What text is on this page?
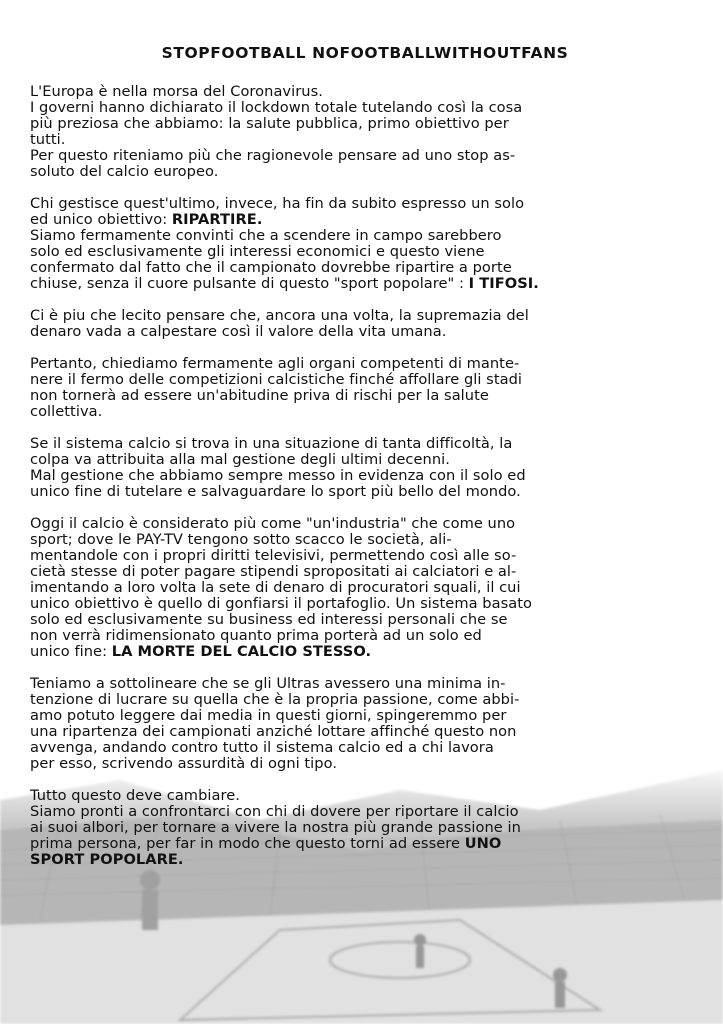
STOPFOOTBALL NOFOOTBALLWITHOUTFANS
L'Europa è nella morsa del Coronavirus.
I governi hanno dichiarato il lockdown totale tutelando così la cosa
più preziosa che abbiamo: la salute pubblica, primo obiettivo per
tutti.
Per questo riteniamo più che ragionevole pensare ad uno stop as-
soluto del calcio europeo.
Chi gestisce quest'ultimo, invece, ha fin da subito espresso un solo
ed unico obiettivo: RIPARTIRE.
Siamo fermamente convinti che a scendere in campo sarebbero
solo ed esclusivamente gli interessi economici e questo viene
confermato dal fatto che il campionato dovrebbe ripartire a porte
chiuse, senza il cuore pulsante di questo "sport popolare" : I TIFOSI.
Ci è piu che lecito pensare che, ancora una volta, la supremazia del
denaro vada a calpestare così il valore della vita umana.
Pertanto, chiediamo fermamente agli organi competenti di mante-
nere il fermo delle competizioni calcistiche finché affollare gli stadi
non tornerà ad essere un'abitudine priva di rischi per la salute
collettiva.
Se il sistema calcio si trova in una situazione di tanta difficoltà, la
colpa va attribuita alla mal gestione degli ultimi decenni.
Mal gestione che abbiamo sempre messo in evidenza con il solo ed
unico fine di tutelare e salvaguardare lo sport più bello del mondo.
Oggi il calcio è considerato più come "un'industria" che come uno
sport; dove le PAY-TV tengono sotto scacco le società, ali-
mentandole con i propri diritti televisivi, permettendo così alle so-
cietà stesse di poter pagare stipendi spropositati ai calciatori e al-
imentando a loro volta la sete di denaro di procuratori squali, il cui
unico obiettivo è quello di gonfiarsi il portafoglio. Un sistema basato
solo ed esclusivamente su business ed interessi personali che se
non verrà ridimensionato quanto prima porterà ad un solo ed
unico fine: LA MORTE DEL CALCIO STESSO.
Teniamo a sottolineare che se gli Ultras avessero una minima in-
tenzione di lucrare su quella che è la propria passione, come abbi-
amo potuto leggere dai media in questi giorni, spingeremmo per
una ripartenza dei campionati anziché lottare affinché questo non
avvenga, andando contro tutto il sistema calcio ed a chi lavora
per esso, scrivendo assurdità di ogni tipo.
Tutto questo deve cambiare.
Siamo pronti a confrontarci con chi di dovere per riportare il calcio
ai suoi albori, per tornare a vivere la nostra più grande passione in
prima persona, per far in modo che questo torni ad essere UNO
SPORT POPOLARE.
